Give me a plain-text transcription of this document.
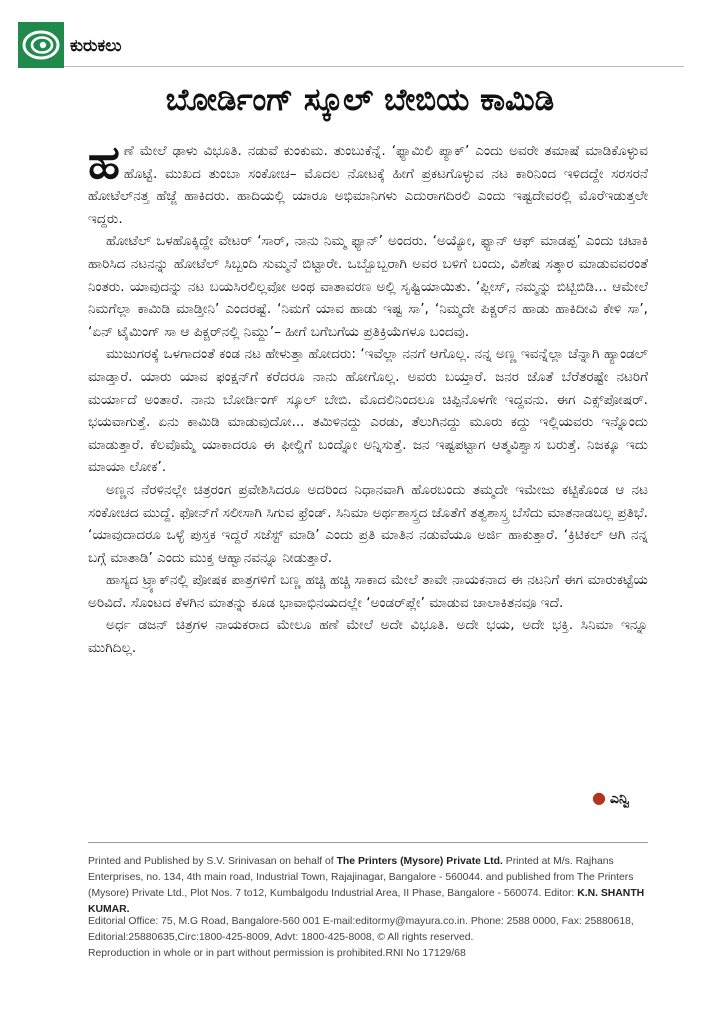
ಕುರುಕಲು
ಬೋರ್ಡಿಂಗ್ ಸ್ಕೂಲ್ ಬೇಬಿಯ ಕಾಮಿಡಿ

ಹಣೆ ಮೇಲೆ ಢಾಳು ವಿಭೂತಿ. ನಡುವೆ ಕುಂಕುಮ. ತುಂಬುಕೆನ್ನೆ. ‘ಫ್ಯಾಮಿಲಿ ಪ್ಯಾಕ್’ ಎಂದು ಅವರೇ ತಮಾಷೆ ಮಾಡಿಕೊಳ್ಳುವ ಹೊಟ್ಟೆ. ಮುಖದ ತುಂಬಾ ಸಂಕೋಚ– ಮೊದಲ ನೋಟಕ್ಕೆ ಹೀಗೆ ಪ್ರಕಟಗೊಳ್ಳುವ ನಟ ಕಾರಿನಿಂದ ಇಳಿದದ್ದೇ ಸರಸರನೆ ಹೋಟೆಲ್‌ನತ್ತ ಹೆಜ್ಜೆ ಹಾಕಿದರು. ಹಾದಿಯಲ್ಲಿ ಯಾರೂ ಅಭಿಮಾನಿಗಳು ಎದುರಾಗದಿರಲಿ ಎಂದು ಇಷ್ಟದೇವರಲ್ಲಿ ಮೊರೆಇಡುತ್ತಲೇ ಇದ್ದರು.

ಹೋಟೆಲ್ ಒಳಹೊಕ್ಕಿದ್ದೇ ವೇಟರ್ ‘ಸಾರ್, ನಾನು ನಿಮ್ಮ ಫ್ಯಾನ್’ ಅಂದರು. ‘ಅಯ್ಯೋ, ಫ್ಯಾನ್ ಆಫ್ ಮಾಡಪ್ಪ’ ಎಂದು ಚಟಾಕಿ ಹಾರಿಸಿದ ನಟನನ್ನು ಹೋಟೆಲ್ ಸಿಬ್ಬಂದಿ ಸುಮ್ಮನೆ ಬಿಟ್ಟಾರೇ. ಒಬ್ಬೊಬ್ಬರಾಗಿ ಅವರ ಬಳಿಗೆ ಬಂದು, ವಿಶೇಷ ಸತ್ಕಾರ ಮಾಡುವವರಂತೆ ನಿಂತರು. ಯಾವುದನ್ನು ನಟ ಬಯಸಿರಲಿಲ್ಲವೋ ಅಂಥ ವಾತಾವರಣ ಅಲ್ಲಿ ಸೃಷ್ಟಿಯಾಯಿತು. ‘ಪ್ಲೀಸ್, ನಮ್ಮನ್ನು ಬಿಟ್ಬಿಬಿಡಿ... ಆಮೇಲೆ ನಿಮಗೆಲ್ಲಾ ಕಾಮಿಡಿ ಮಾಡ್ತೀನಿ’ ಎಂದರಷ್ಟೆ. ‘ನಿಮಗೆ ಯಾವ ಹಾಡು ಇಷ್ಟ ಸಾ’, ‘ನಿಮ್ಮದೇ ಪಿಕ್ಚರ್‌ನ ಹಾಡು ಹಾಕಿದೀವಿ ಕೇಳಿ ಸಾ’, ‘ಏನ್ ಟೈಮಿಂಗ್ ಸಾ ಆ ಪಿಕ್ಚರ್‌ನಲ್ಲಿ ನಿಮ್ದು’– ಹೀಗೆ ಬಗೆಬಗೆಯ ಪ್ರತಿಕ್ರಿಯೆಗಳೂ ಬಂದವು.

ಮುಜುಗರಕ್ಕೆ ಒಳಗಾದಂತೆ ಕಂಡ ನಟ ಹೇಳುತ್ತಾ ಹೋದರು: ‘ಇವೆಲ್ಲಾ ನನಗೆ ಆಗೊಲ್ಲ. ನನ್ನ ಅಣ್ಣ ಇವನ್ನೆಲ್ಲಾ ಚೆನ್ನಾಗಿ ಹ್ಯಾಂಡಲ್ ಮಾಡ್ತಾರೆ. ಯಾರು ಯಾವ ಫಂಕ್ಷನ್‌ಗೆ ಕರೆದರೂ ನಾನು ಹೋಗೊಲ್ಲ. ಅವರು ಬಯ್ತಾರೆ. ಜನರ ಜೊತೆ ಬೆರೆತರಷ್ಟೇ ನಟರಿಗೆ ಮರ್ಯಾದೆ ಅಂತಾರೆ. ನಾನು ಬೋರ್ಡಿಂಗ್ ಸ್ಕೂಲ್ ಬೇಬಿ. ಮೊದಲಿನಿಂದಲೂ ಚಿಪ್ಪಿನೊಳಗೇ ಇದ್ದವನು. ಈಗ ಎಕ್ಸ್‌ಪೋಷರ್. ಭಯವಾಗುತ್ತೆ. ಏನು ಕಾಮಿಡಿ ಮಾಡುವುದೋ... ತಮಿಳಿನದ್ದು ಎರಡು, ತೆಲುಗಿನದ್ದು ಮೂರು ಕದ್ದು ಇಲ್ಲಿಯವರು ಇನ್ನೊಂದು ಮಾಡುತ್ತಾರೆ. ಕೆಲವೊಮ್ಮೆ ಯಾಕಾದರೂ ಈ ಫೀಲ್ಡಿಗೆ ಬಂದ್ನೋ ಅನ್ನಿಸುತ್ತೆ. ಜನ ಇಷ್ಟಪಟ್ಟಾಗ ಆತ್ಮವಿಶ್ವಾಸ ಬರುತ್ತೆ. ನಿಜಕ್ಕೂ ಇದು ಮಾಯಾ ಲೋಕ’.

ಅಣ್ಣನ ನೆರಳಿನಲ್ಲೇ ಚಿತ್ರರಂಗ ಪ್ರವೇಶಿಸಿದರೂ ಅದರಿಂದ ನಿಧಾನವಾಗಿ ಹೊರಬಂದು ತಮ್ಮದೇ ಇಮೇಜು ಕಟ್ಟಿಕೊಂಡ ಆ ನಟ ಸಂಕೋಚದ ಮುದ್ದೆ. ಫೋನ್‌ಗೆ ಸಲೀಸಾಗಿ ಸಿಗುವ ಫ್ರೆಂಡ್. ಸಿನಿಮಾ ಅರ್ಥಶಾಸ್ತ್ರದ ಜೊತೆಗೆ ತತ್ವಶಾಸ್ತ್ರ ಬೆಸೆದು ಮಾತನಾಡಬಲ್ಲ ಪ್ರತಿಭೆ. ‘ಯಾವುದಾದರೂ ಒಳ್ಳೆ ಪುಸ್ತಕ ಇದ್ದರೆ ಸಜೆಸ್ಟ್ ಮಾಡಿ’ ಎಂದು ಪ್ರತಿ ಮಾತಿನ ನಡುವೆಯೂ ಅರ್ಜಿ ಹಾಕುತ್ತಾರೆ. ‘ಕ್ರಿಟಿಕಲ್ ಆಗಿ ನನ್ನ ಬಗ್ಗೆ ಮಾತಾಡಿ’ ಎಂದು ಮುಕ್ತ ಆಹ್ವಾನವನ್ನೂ ನೀಡುತ್ತಾರೆ.

ಹಾಸ್ಯದ ಟ್ರ್ಯಾಕ್‌ನಲ್ಲಿ ಪೋಷಕ ಪಾತ್ರಗಳಿಗೆ ಬಣ್ಣ ಹಚ್ಚಿ ಹಚ್ಚಿ ಸಾಕಾದ ಮೇಲೆ ತಾವೇ ನಾಯಕನಾದ ಈ ನಟನಿಗೆ ಈಗ ಮಾರುಕಟ್ಟೆಯ ಅರಿವಿದೆ. ಸೊಂಟದ ಕೆಳಗಿನ ಮಾತನ್ನು ಕೂಡ ಭಾವಾಭಿನಯದಲ್ಲೇ ‘ಅಂಡರ್‌ಪ್ಲೇ’ ಮಾಡುವ ಚಾಲಾಕಿತನವೂ ಇದೆ.

ಅರ್ಧ ಡಜನ್ ಚಿತ್ರಗಳ ನಾಯಕರಾದ ಮೇಲೂ ಹಣೆ ಮೇಲೆ ಅದೇ ವಿಭೂತಿ. ಅದೇ ಭಯ, ಅದೇ ಭಕ್ತಿ. ಸಿನಿಮಾ ಇನ್ನೂ ಮುಗಿದಿಲ್ಲ.

● ಎನ್ವಿ
Printed and Published by S.V. Srinivasan on behalf of The Printers (Mysore) Private Ltd. Printed at M/s. Rajhans Enterprises, no. 134, 4th main road, Industrial Town, Rajajinagar, Bangalore - 560044. and published from The Printers (Mysore) Private Ltd., Plot Nos. 7 to12, Kumbalgodu Industrial Area, II Phase, Bangalore - 560074. Editor: K.N. SHANTH KUMAR.
Editorial Office: 75, M.G Road, Bangalore-560 001 E-mail:editormy@mayura.co.in. Phone: 2588 0000, Fax: 25880618, Editorial:25880635,Circ:1800-425-8009, Advt: 1800-425-8008, © All rights reserved.
Reproduction in whole or in part without permission is prohibited.RNI No 17129/68
